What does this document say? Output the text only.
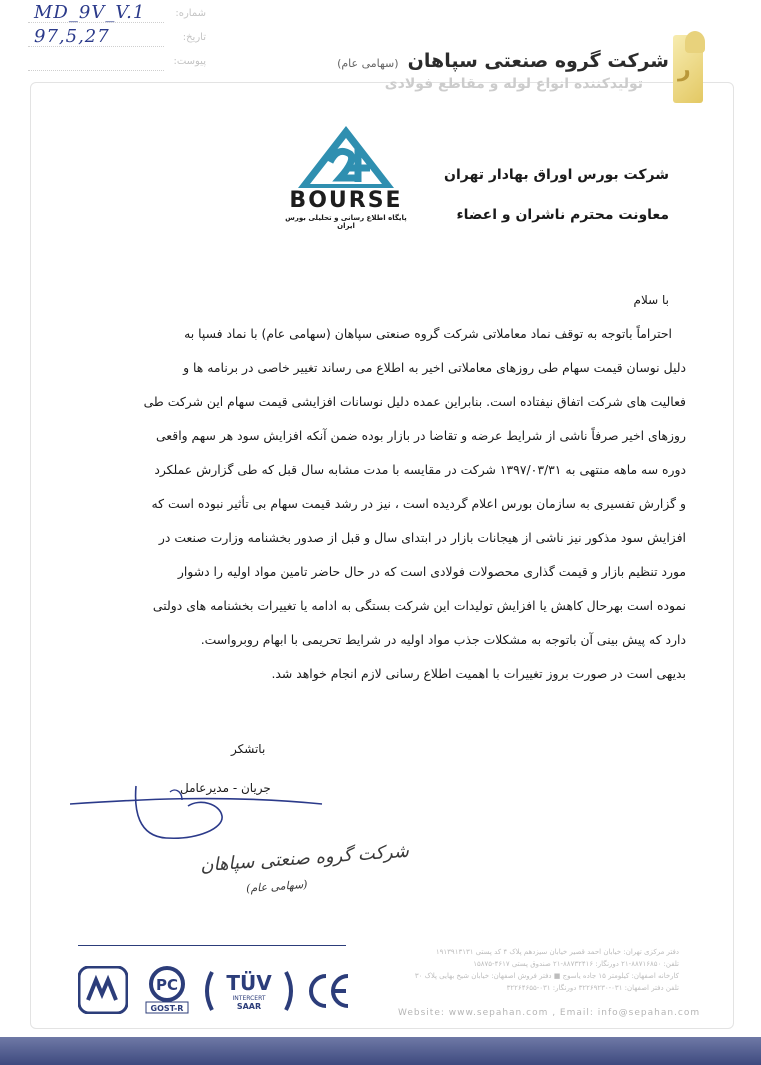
شماره:
MD_9V_V.1
تاریخ:
97,5,27
پیوست:	شرکت گروه صنعتی سپاهان (سهامی عام)
تولیدکننده انواع لوله و مقاطع فولادی
ر
BOURSE
پایگاه اطلاع رسانی و تحلیلی بورس ایران
شرکت بورس اوراق بهادار تهران
معاونت محترم ناشران و اعضاء
با سلام
احتراماً باتوجه به توقف نماد معاملاتی شرکت گروه صنعتی سپاهان (سهامی عام) با نماد فسپا به
دلیل نوسان قیمت سهام طی روزهای معاملاتی اخیر به اطلاع می رساند تغییر خاصی در برنامه ها و
فعالیت های شرکت اتفاق نیفتاده است. بنابراین عمده دلیل نوسانات افزایشی قیمت سهام این شرکت طی
روزهای اخیر صرفاً ناشی از شرایط عرضه و تقاضا در بازار بوده ضمن آنکه افزایش سود هر سهم واقعی
دوره سه ماهه منتهی به ۱۳۹۷/۰۳/۳۱ شرکت در مقایسه با مدت مشابه سال قبل که طی گزارش عملکرد
و گزارش تفسیری به سازمان بورس اعلام گردیده است ، نیز در رشد قیمت سهام بی تأثیر نبوده است که
افزایش سود مذکور نیز ناشی از هیجانات بازار در ابتدای سال و قبل از صدور بخشنامه وزارت صنعت در
مورد تنظیم بازار و قیمت گذاری محصولات فولادی است که در حال حاضر تامین مواد اولیه را دشوار
نموده است بهرحال کاهش یا افزایش تولیدات این شرکت بستگی به ادامه یا تغییرات بخشنامه های دولتی
دارد که پیش بینی آن باتوجه به مشکلات جذب مواد اولیه در شرایط تحریمی با ابهام روبرواست.
بدیهی است در صورت بروز تغییرات با اهمیت اطلاع رسانی لازم انجام خواهد شد.
باتشکر
جریان - مدیرعامل
شرکت گروه صنعتی سپاهان
(سهامی عام)
PC
GOST-R
TÜV
INTERCERT
SAAR
دفتر مرکزی تهران: خیابان احمد قصیر خیابان سیزدهم پلاک ۴ کد پستی ۱۹۱۳۹۱۳۱۳۱
تلفن: ۸۸۷۱۶۸۵۰-۲۱ دورنگار: ۸۸۷۳۲۴۱۶-۲۱ صندوق پستی ۴۶۱۷-۱۵۸۷۵
کارخانه اصفهان: کیلومتر ۱۵ جاده یاسوج ■ دفتر فروش اصفهان: خیابان شیخ بهایی پلاک ۳۰
تلفن دفتر اصفهان: ۰۳۱-۳۲۲۶۹۲۳۰ دورنگار: ۰۳۱-۳۲۲۶۴۶۵۵
Website: www.sepahan.com , Email: info@sepahan.com
